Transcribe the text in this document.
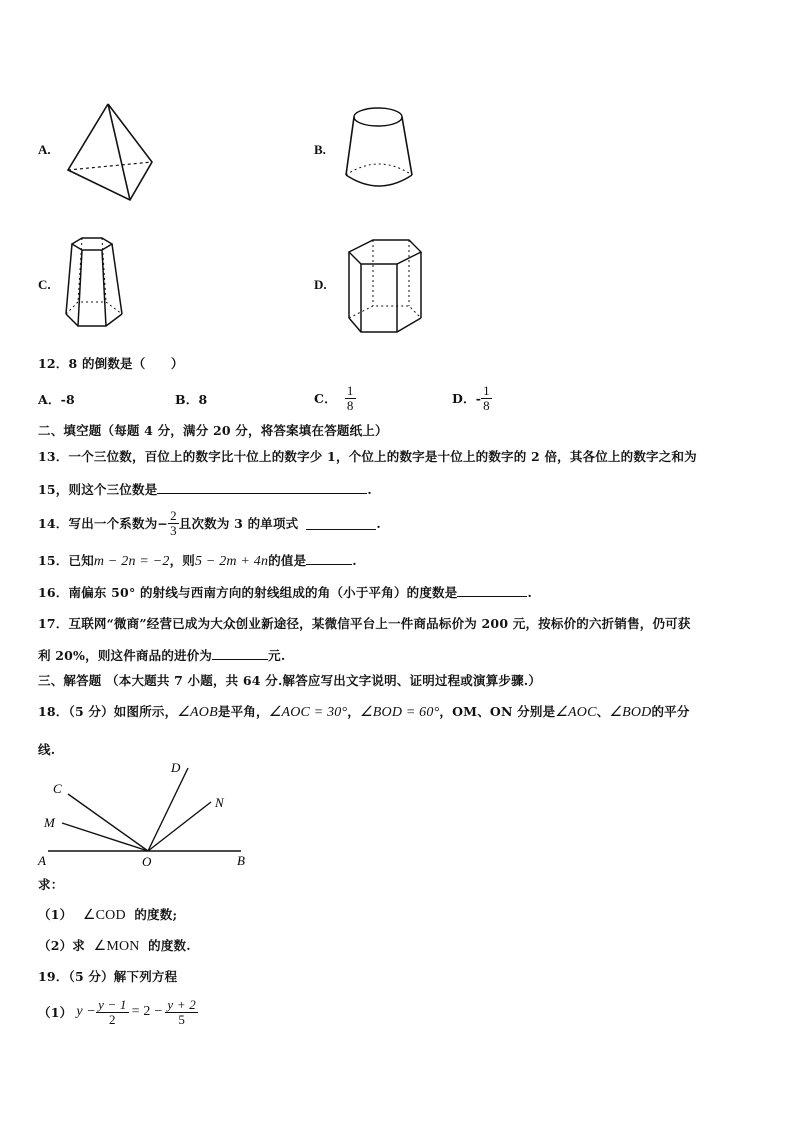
A.	B.
C.	D.
12．8 的倒数是（　　）
A．-8	B．8	C． $\frac{1}{8}$	D． - $\frac{1}{8}$
二、填空题（每题 4 分，满分 20 分，将答案填在答题纸上）
13．一个三位数，百位上的数字比十位上的数字少 1，个位上的数字是十位上的数字的 2 倍，其各位上的数字之和为
15，则这个三位数是	.
14．写出一个系数为− $\frac{2}{3}$ 且次数为 3 的单项式	.
15．已知m − 2n = −2，则5 − 2m + 4n的值是	.
16．南偏东 50° 的射线与西南方向的射线组成的角（小于平角）的度数是	.
17．互联网“微商”经营已成为大众创业新途径，某微信平台上一件商品标价为 200 元，按标价的六折销售，仍可获
利 20%，则这件商品的进价为	元.
三、解答题 （本大题共 7 小题，共 64 分.解答应写出文字说明、证明过程或演算步骤.）
18．（5 分）如图所示，∠AOB是平角，∠AOC = 30°，∠BOD = 60°，OM、ON 分别是∠AOC、∠BOD的平分
线.
A	B
O
C
M
D
N
求：
（1） ∠COD 的度数;
（2）求 ∠MON 的度数.
19．（5 分）解下列方程
（1） $y - \frac{y - 1}{2} = 2 - \frac{y + 2}{5}$
